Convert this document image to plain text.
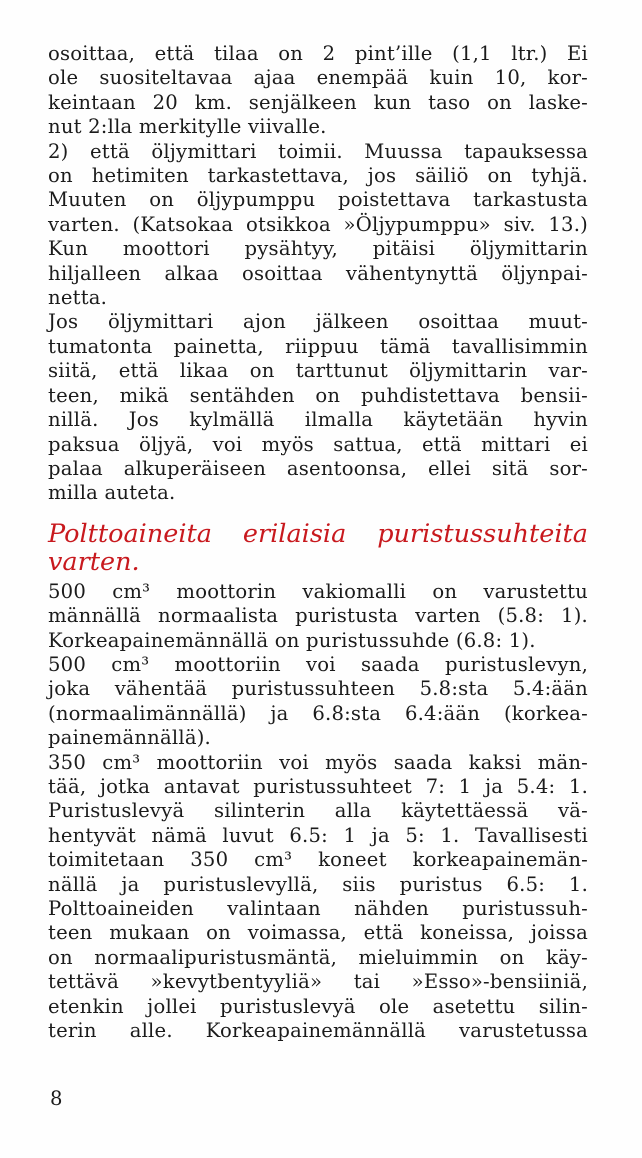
osoittaa, että tilaa on 2 pint’ille (1,1 ltr.) Ei
ole suositeltavaa ajaa enempää kuin 10, kor-
keintaan 20 km. senjälkeen kun taso on laske-
nut 2:lla merkitylle viivalle.
2) että öljymittari toimii. Muussa tapauksessa
on hetimiten tarkastettava, jos säiliö on tyhjä.
Muuten on öljypumppu poistettava tarkastusta
varten. (Katsokaa otsikkoa »Öljypumppu» siv. 13.)
Kun moottori pysähtyy, pitäisi öljymittarin
hiljalleen alkaa osoittaa vähentynyttä öljynpai-
netta.
Jos öljymittari ajon jälkeen osoittaa muut-
tumatonta painetta, riippuu tämä tavallisimmin
siitä, että likaa on tarttunut öljymittarin var-
teen, mikä sentähden on puhdistettava bensii-
nillä. Jos kylmällä ilmalla käytetään hyvin
paksua öljyä, voi myös sattua, että mittari ei
palaa alkuperäiseen asentoonsa, ellei sitä sor-
milla auteta.
Polttoaineita erilaisia puristussuhteita
varten.
500 cm³ moottorin vakiomalli on varustettu
männällä normaalista puristusta varten (5.8: 1).
Korkeapainemännällä on puristussuhde (6.8: 1).
500 cm³ moottoriin voi saada puristuslevyn,
joka vähentää puristussuhteen 5.8:sta 5.4:ään
(normaalimännällä) ja 6.8:sta 6.4:ään (korkea-
painemännällä).
350 cm³ moottoriin voi myös saada kaksi män-
tää, jotka antavat puristussuhteet 7: 1 ja 5.4: 1.
Puristuslevyä silinterin alla käytettäessä vä-
hentyvät nämä luvut 6.5: 1 ja 5: 1. Tavallisesti
toimitetaan 350 cm³ koneet korkeapainemän-
nällä ja puristuslevyllä, siis puristus 6.5: 1.
Polttoaineiden valintaan nähden puristussuh-
teen mukaan on voimassa, että koneissa, joissa
on normaalipuristusmäntä, mieluimmin on käy-
tettävä »kevytbentyyliä» tai »Esso»-bensiiniä,
etenkin jollei puristuslevyä ole asetettu silin-
terin alle. Korkeapainemännällä varustetussa
8
